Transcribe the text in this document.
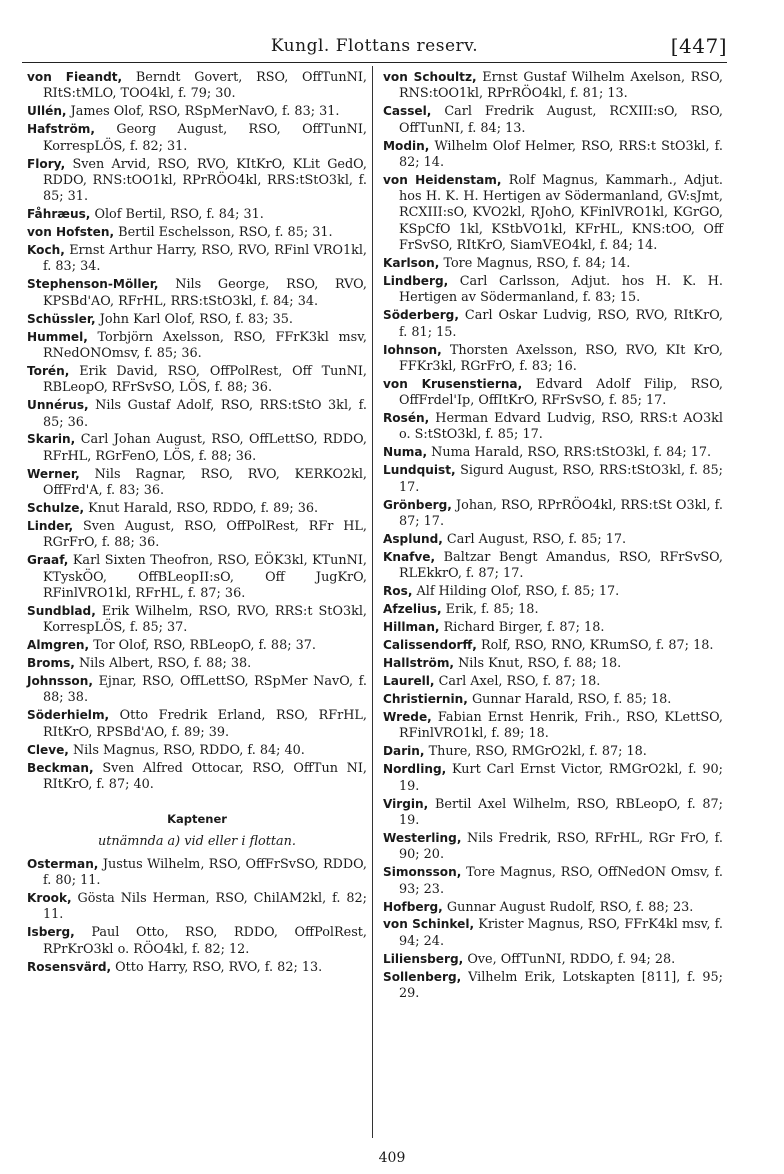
Kungl. Flottans reserv.	[447]

von Fieandt, Berndt Govert, RSO, OffTunNI, RItS:tMLO, TOO4kl, f. 79; 30.

Ullén, James Olof, RSO, RSpMerNavO, f. 83; 31.

Hafström, Georg August, RSO, OffTunNI, KorrespLÖS, f. 82; 31.

Flory, Sven Arvid, RSO, RVO, KItKrO, KLit GedO, RDDO, RNS:tOO1kl, RPrRÖO4kl, RRS:tStO3kl, f. 85; 31.

Fåhræus, Olof Bertil, RSO, f. 84; 31.

von Hofsten, Bertil Eschelsson, RSO, f. 85; 31.

Koch, Ernst Arthur Harry, RSO, RVO, RFinl VRO1kl, f. 83; 34.

Stephenson-Möller, Nils George, RSO, RVO, KPSBd'AO, RFrHL, RRS:tStO3kl, f. 84; 34.

Schüssler, John Karl Olof, RSO, f. 83; 35.

Hummel, Torbjörn Axelsson, RSO, FFrK3kl msv, RNedONOmsv, f. 85; 36.

Torén, Erik David, RSO, OffPolRest, Off TunNI, RBLeopO, RFrSvSO, LÖS, f. 88; 36.

Unnérus, Nils Gustaf Adolf, RSO, RRS:tStO 3kl, f. 85; 36.

Skarin, Carl Johan August, RSO, OffLettSO, RDDO, RFrHL, RGrFenO, LÖS, f. 88; 36.

Werner, Nils Ragnar, RSO, RVO, KERKO2kl, OffFrd'A, f. 83; 36.

Schulze, Knut Harald, RSO, RDDO, f. 89; 36.

Linder, Sven August, RSO, OffPolRest, RFr HL, RGrFrO, f. 88; 36.

Graaf, Karl Sixten Theofron, RSO, EÖK3kl, KTunNI, KTyskÖO, OffBLeopII:sO, Off JugKrO, RFinlVRO1kl, RFrHL, f. 87; 36.

Sundblad, Erik Wilhelm, RSO, RVO, RRS:t StO3kl, KorrespLÖS, f. 85; 37.

Almgren, Tor Olof, RSO, RBLeopO, f. 88; 37.

Broms, Nils Albert, RSO, f. 88; 38.

Johnsson, Ejnar, RSO, OffLettSO, RSpMer NavO, f. 88; 38.

Söderhielm, Otto Fredrik Erland, RSO, RFrHL, RItKrO, RPSBd'AO, f. 89; 39.

Cleve, Nils Magnus, RSO, RDDO, f. 84; 40.

Beckman, Sven Alfred Ottocar, RSO, OffTun NI, RItKrO, f. 87; 40.

Kaptener
utnämnda a) vid eller i flottan.

Osterman, Justus Wilhelm, RSO, OffFrSvSO, RDDO, f. 80; 11.

Krook, Gösta Nils Herman, RSO, ChilAM2kl, f. 82; 11.

Isberg, Paul Otto, RSO, RDDO, OffPolRest, RPrKrO3kl o. RÖO4kl, f. 82; 12.

Rosensvärd, Otto Harry, RSO, RVO, f. 82; 13.

von Schoultz, Ernst Gustaf Wilhelm Axelson, RSO, RNS:tOO1kl, RPrRÖO4kl, f. 81; 13.

Cassel, Carl Fredrik August, RCXIII:sO, RSO, OffTunNI, f. 84; 13.

Modin, Wilhelm Olof Helmer, RSO, RRS:t StO3kl, f. 82; 14.

von Heidenstam, Rolf Magnus, Kammarh., Adjut. hos H. K. H. Hertigen av Södermanland, GV:sJmt, RCXIII:sO, KVO2kl, RJohO, KFinlVRO1kl, KGrGO, KSpCfO 1kl, KStbVO1kl, KFrHL, KNS:tOO, Off FrSvSO, RItKrO, SiamVEO4kl, f. 84; 14.

Karlson, Tore Magnus, RSO, f. 84; 14.

Lindberg, Carl Carlsson, Adjut. hos H. K. H. Hertigen av Södermanland, f. 83; 15.

Söderberg, Carl Oskar Ludvig, RSO, RVO, RItKrO, f. 81; 15.

Iohnson, Thorsten Axelsson, RSO, RVO, KIt KrO, FFKr3kl, RGrFrO, f. 83; 16.

von Krusenstierna, Edvard Adolf Filip, RSO, OffFrdel'Ip, OffItKrO, RFrSvSO, f. 85; 17.

Rosén, Herman Edvard Ludvig, RSO, RRS:t AO3kl o. S:tStO3kl, f. 85; 17.

Numa, Numa Harald, RSO, RRS:tStO3kl, f. 84; 17.

Lundquist, Sigurd August, RSO, RRS:tStO3kl, f. 85; 17.

Grönberg, Johan, RSO, RPrRÖO4kl, RRS:tSt O3kl, f. 87; 17.

Asplund, Carl August, RSO, f. 85; 17.

Knafve, Baltzar Bengt Amandus, RSO, RFrSvSO, RLEkkrO, f. 87; 17.

Ros, Alf Hilding Olof, RSO, f. 85; 17.

Afzelius, Erik, f. 85; 18.

Hillman, Richard Birger, f. 87; 18.

Calissendorff, Rolf, RSO, RNO, KRumSO, f. 87; 18.

Hallström, Nils Knut, RSO, f. 88; 18.

Laurell, Carl Axel, RSO, f. 87; 18.

Christiernin, Gunnar Harald, RSO, f. 85; 18.

Wrede, Fabian Ernst Henrik, Frih., RSO, KLettSO, RFinlVRO1kl, f. 89; 18.

Darin, Thure, RSO, RMGrO2kl, f. 87; 18.

Nordling, Kurt Carl Ernst Victor, RMGrO2kl, f. 90; 19.

Virgin, Bertil Axel Wilhelm, RSO, RBLeopO, f. 87; 19.

Westerling, Nils Fredrik, RSO, RFrHL, RGr FrO, f. 90; 20.

Simonsson, Tore Magnus, RSO, OffNedON Omsv, f. 93; 23.

Hofberg, Gunnar August Rudolf, RSO, f. 88; 23.

von Schinkel, Krister Magnus, RSO, FFrK4kl msv, f. 94; 24.

Liliensberg, Ove, OffTunNI, RDDO, f. 94; 28.

Sollenberg, Vilhelm Erik, Lotskapten [811], f. 95; 29.

409
